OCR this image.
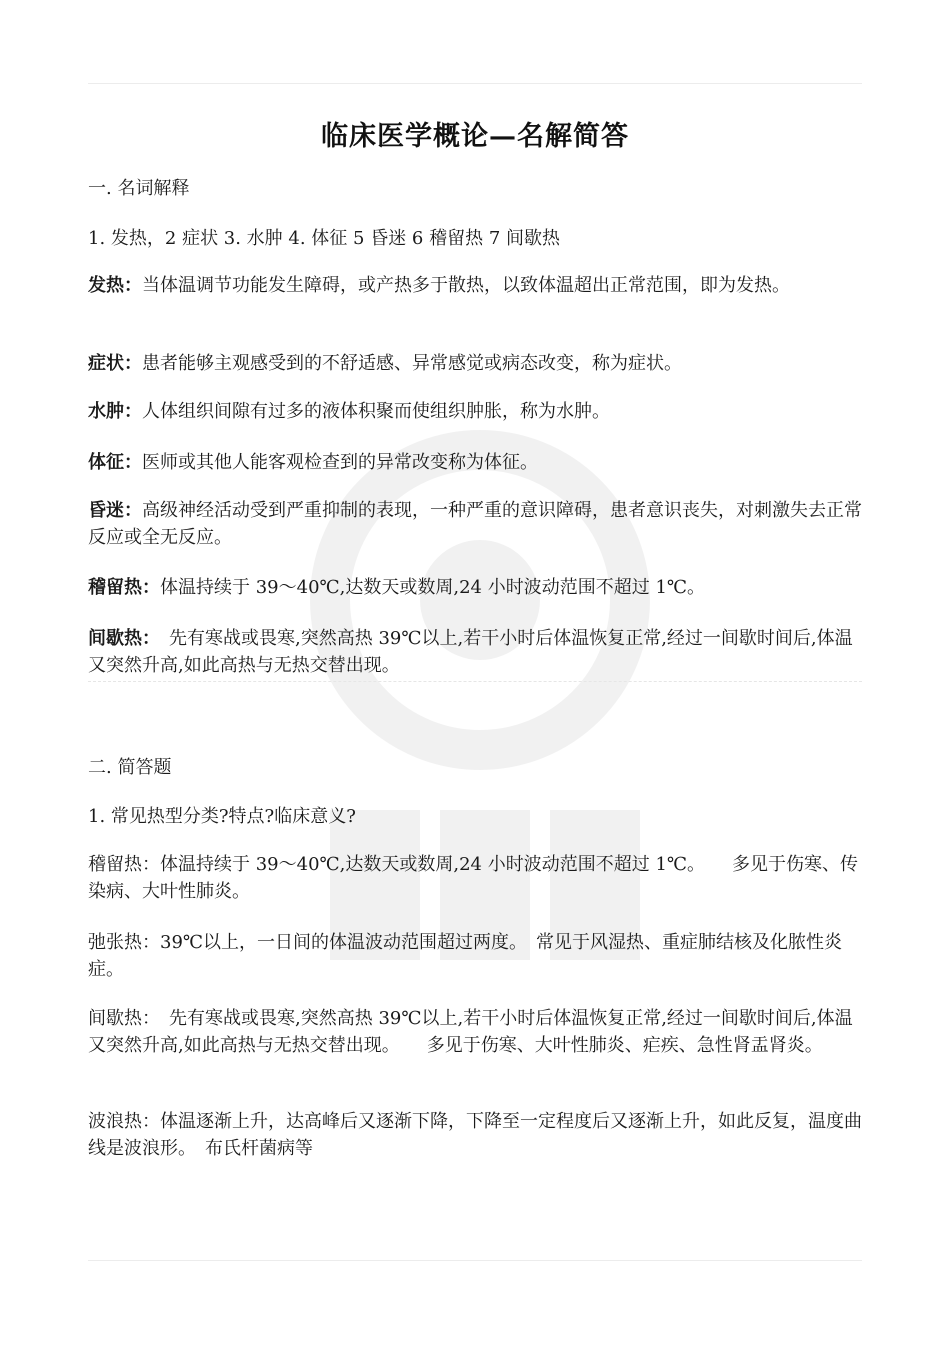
临床医学概论—名解简答

一. 名词解释

1. 发热，2 症状 3. 水肿 4. 体征 5 昏迷 6 稽留热 7 间歇热

发热：当体温调节功能发生障碍，或产热多于散热，以致体温超出正常范围，即为发热。

症状：患者能够主观感受到的不舒适感、异常感觉或病态改变，称为症状。

水肿：人体组织间隙有过多的液体积聚而使组织肿胀，称为水肿。

体征：医师或其他人能客观检查到的异常改变称为体征。

昏迷：高级神经活动受到严重抑制的表现，一种严重的意识障碍，患者意识丧失，对刺激失去正常反应或全无反应。

稽留热：体温持续于 39～40℃,达数天或数周,24 小时波动范围不超过 1℃。

间歇热：　先有寒战或畏寒,突然高热 39℃以上,若干小时后体温恢复正常,经过一间歇时间后,体温又突然升高,如此高热与无热交替出现。

二. 简答题

1. 常见热型分类?特点?临床意义?

稽留热：体温持续于 39～40℃,达数天或数周,24 小时波动范围不超过 1℃。　　多见于伤寒、传染病、大叶性肺炎。

弛张热：39℃以上，一日间的体温波动范围超过两度。　常见于风湿热、重症肺结核及化脓性炎症。

间歇热：　先有寒战或畏寒,突然高热 39℃以上,若干小时后体温恢复正常,经过一间歇时间后,体温又突然升高,如此高热与无热交替出现。　　多见于伤寒、大叶性肺炎、疟疾、急性肾盂肾炎。

波浪热：体温逐渐上升，达高峰后又逐渐下降，下降至一定程度后又逐渐上升，如此反复，温度曲线是波浪形。　布氏杆菌病等
